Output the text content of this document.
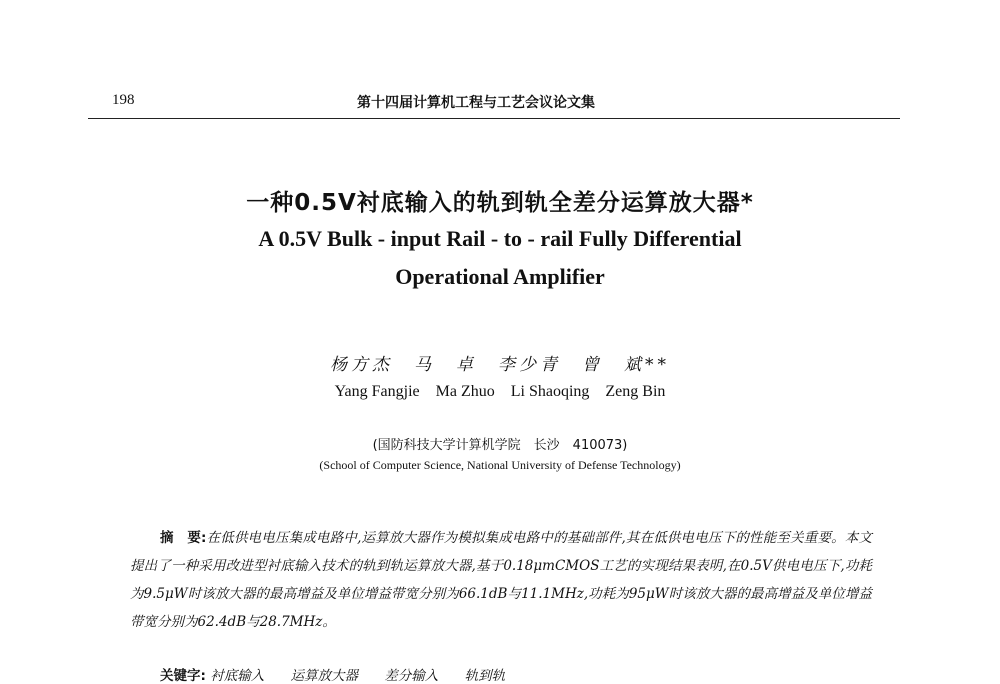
198	第十四届计算机工程与工艺会议论文集
一种0.5V衬底输入的轨到轨全差分运算放大器*
A 0.5V Bulk - input Rail - to - rail Fully Differential
Operational Amplifier
杨方杰　马　卓　李少青　曾　斌**
Yang Fangjie　Ma Zhuo　Li Shaoqing　Zeng Bin
(国防科技大学计算机学院　长沙　410073)
(School of Computer Science, National University of Defense Technology)
摘　要:在低供电电压集成电路中,运算放大器作为模拟集成电路中的基础部件,其在低供电电压下的性能至关重要。本文提出了一种采用改进型衬底输入技术的轨到轨运算放大器,基于0.18μmCMOS工艺的实现结果表明,在0.5V供电电压下,功耗为9.5μW时该放大器的最高增益及单位增益带宽分别为66.1dB与11.1MHz,功耗为95μW时该放大器的最高增益及单位增益带宽分别为62.4dB与28.7MHz。
关键字: 衬底输入 运算放大器 差分输入 轨到轨
